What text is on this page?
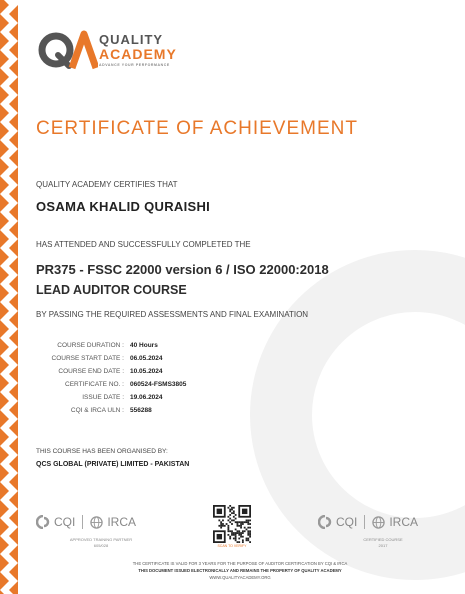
QUALITY
ACADEMY
ADVANCE YOUR PERFORMANCE
CERTIFICATE OF ACHIEVEMENT
QUALITY ACADEMY CERTIFIES THAT
OSAMA KHALID QURAISHI
HAS ATTENDED AND SUCCESSFULLY COMPLETED THE
PR375 - FSSC 22000 version 6 / ISO 22000:2018
LEAD AUDITOR COURSE
BY PASSING THE REQUIRED ASSESSMENTS AND FINAL EXAMINATION
COURSE DURATION : 40 Hours
COURSE START DATE : 06.05.2024
COURSE END DATE : 10.05.2024
CERTIFICATE NO. : 060524-FSMS3805
ISSUE DATE : 19.06.2024
CQI & IRCA ULN : 556288
THIS COURSE HAS BEEN ORGANISED BY:
QCS GLOBAL (PRIVATE) LIMITED - PAKISTAN
CQI	IRCA
APPROVED TRAINING PARTNER
605/028	SCAN TO VERIFY
CQI	IRCA
CERTIFIED COURSE
2017
THE CERTIFICATE IS VALID FOR 3 YEARS FOR THE PURPOSE OF AUDITOR CERTIFICATION BY CQI & IRCA
THIS DOCUMENT ISSUED ELECTRONICALLY AND REMAINS THE PROPERTY OF QUALITY ACADEMY
WWW.QUALITYACADEMY.ORG
